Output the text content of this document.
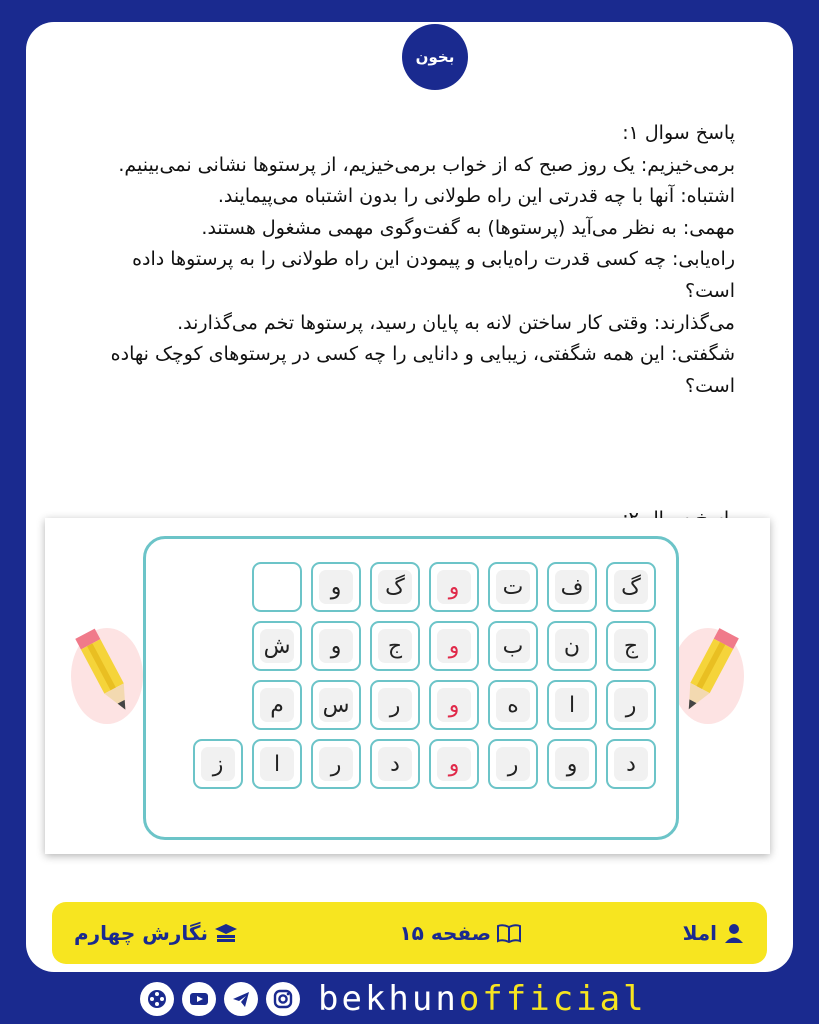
بخون

پاسخ سوال ۱:

برمی‌خیزیم: یک روز صبح که از خواب برمی‌خیزیم، از پرستوها نشانی نمی‌بینیم.

اشتباه: آنها با چه قدرتی این راه طولانی را بدون اشتباه می‌پیمایند.

مهمی: به نظر می‌آید (پرستوها) به گفت‌وگوی مهمی مشغول هستند.

راه‌یابی: چه کسی قدرت راه‌یابی و پیمودن این راه طولانی را به پرستوها داده است؟

می‌گذارند: وقتی کار ساختن لانه به پایان رسید، پرستوها تخم می‌گذارند.

شگفتی: این همه شگفتی، زیبایی و دانایی را چه کسی در پرستوهای کوچک نهاده است؟

گ
ف
ت
و
گ
و
ج
ن
ب
و
ج
و
ش
ر
ا
ه
و
ر
س
م
د
و
ر
و
د
ر
ا
ز
املا
صفحه ۱۵
نگارش چهارم
bekhunofficial
